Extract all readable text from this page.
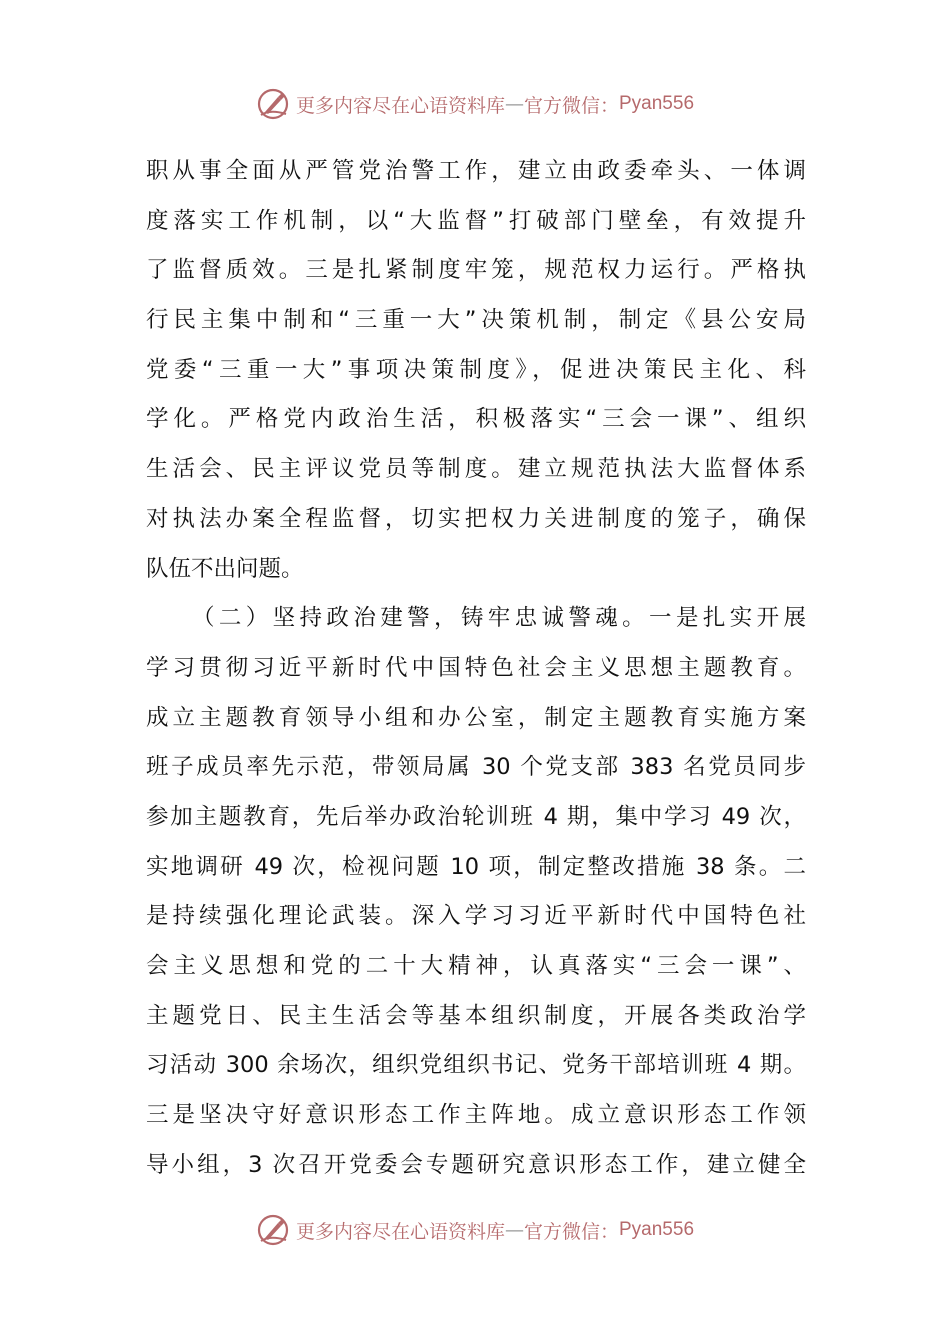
更多内容尽在心语资料库 — 官方微信： Pyan556
职从事全面从严管党治警工作，建立由政委牵头、一体调
度落实工作机制，以“大监督”打破部门壁垒，有效提升
了监督质效。三是扎紧制度牢笼，规范权力运行。严格执
行民主集中制和“三重一大”决策机制，制定《县公安局
党委“三重一大”事项决策制度》，促进决策民主化、科
学化。严格党内政治生活，积极落实“三会一课”、组织
生活会、民主评议党员等制度。建立规范执法大监督体系
对执法办案全程监督，切实把权力关进制度的笼子，确保
队伍不出问题。
（二）坚持政治建警，铸牢忠诚警魂。一是扎实开展
学习贯彻习近平新时代中国特色社会主义思想主题教育。
成立主题教育领导小组和办公室，制定主题教育实施方案
班子成员率先示范，带领局属 30 个党支部 383 名党员同步
参加主题教育，先后举办政治轮训班 4 期，集中学习 49 次，
实地调研 49 次，检视问题 10 项，制定整改措施 38 条。二
是持续强化理论武装。深入学习习近平新时代中国特色社
会主义思想和党的二十大精神，认真落实“三会一课”、
主题党日、民主生活会等基本组织制度，开展各类政治学
习活动 300 余场次，组织党组织书记、党务干部培训班 4 期。
三是坚决守好意识形态工作主阵地。成立意识形态工作领
导小组，3 次召开党委会专题研究意识形态工作，建立健全
更多内容尽在心语资料库 — 官方微信： Pyan556
